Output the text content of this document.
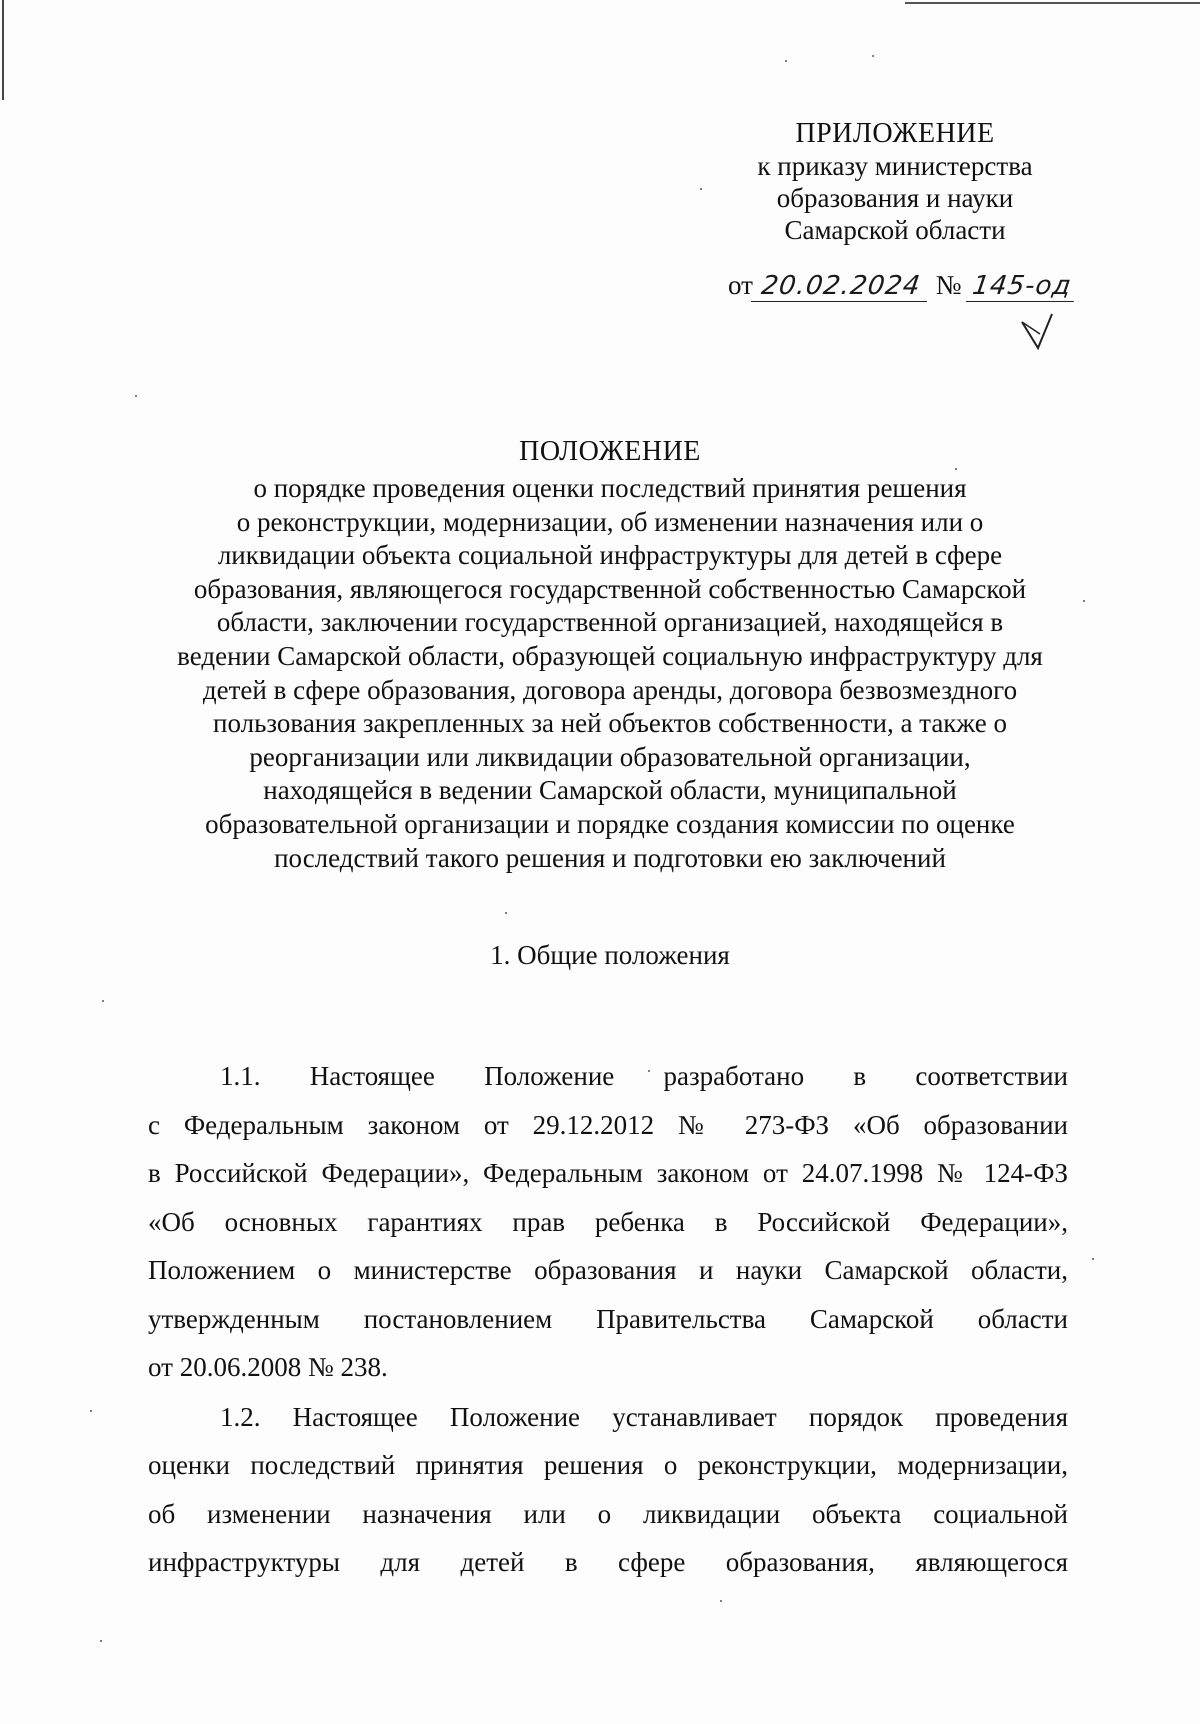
ПРИЛОЖЕНИЕ
к приказу министерства
образования и науки
Самарской области
от 20.02.2024 № 145-од
ПОЛОЖЕНИЕ
о порядке проведения оценки последствий принятия решения
о реконструкции, модернизации, об изменении назначения или о
ликвидации объекта социальной инфраструктуры для детей в сфере
образования, являющегося государственной собственностью Самарской
области, заключении государственной организацией, находящейся в
ведении Самарской области, образующей социальную инфраструктуру для
детей в сфере образования, договора аренды, договора безвозмездного
пользования закрепленных за ней объектов собственности, а также о
реорганизации или ликвидации образовательной организации,
находящейся в ведении Самарской области, муниципальной
образовательной организации и порядке создания комиссии по оценке
последствий такого решения и подготовки ею заключений
1. Общие положения
1.1. Настоящее Положение разработано в соответствии
с Федеральным законом от 29.12.2012 № 273-ФЗ «Об образовании
в Российской Федерации», Федеральным законом от 24.07.1998 № 124-ФЗ
«Об основных гарантиях прав ребенка в Российской Федерации»,
Положением о министерстве образования и науки Самарской области,
утвержденным постановлением Правительства Самарской области
от 20.06.2008 № 238.
1.2. Настоящее Положение устанавливает порядок проведения
оценки последствий принятия решения о реконструкции, модернизации,
об изменении назначения или о ликвидации объекта социальной
инфраструктуры для детей в сфере образования, являющегося
